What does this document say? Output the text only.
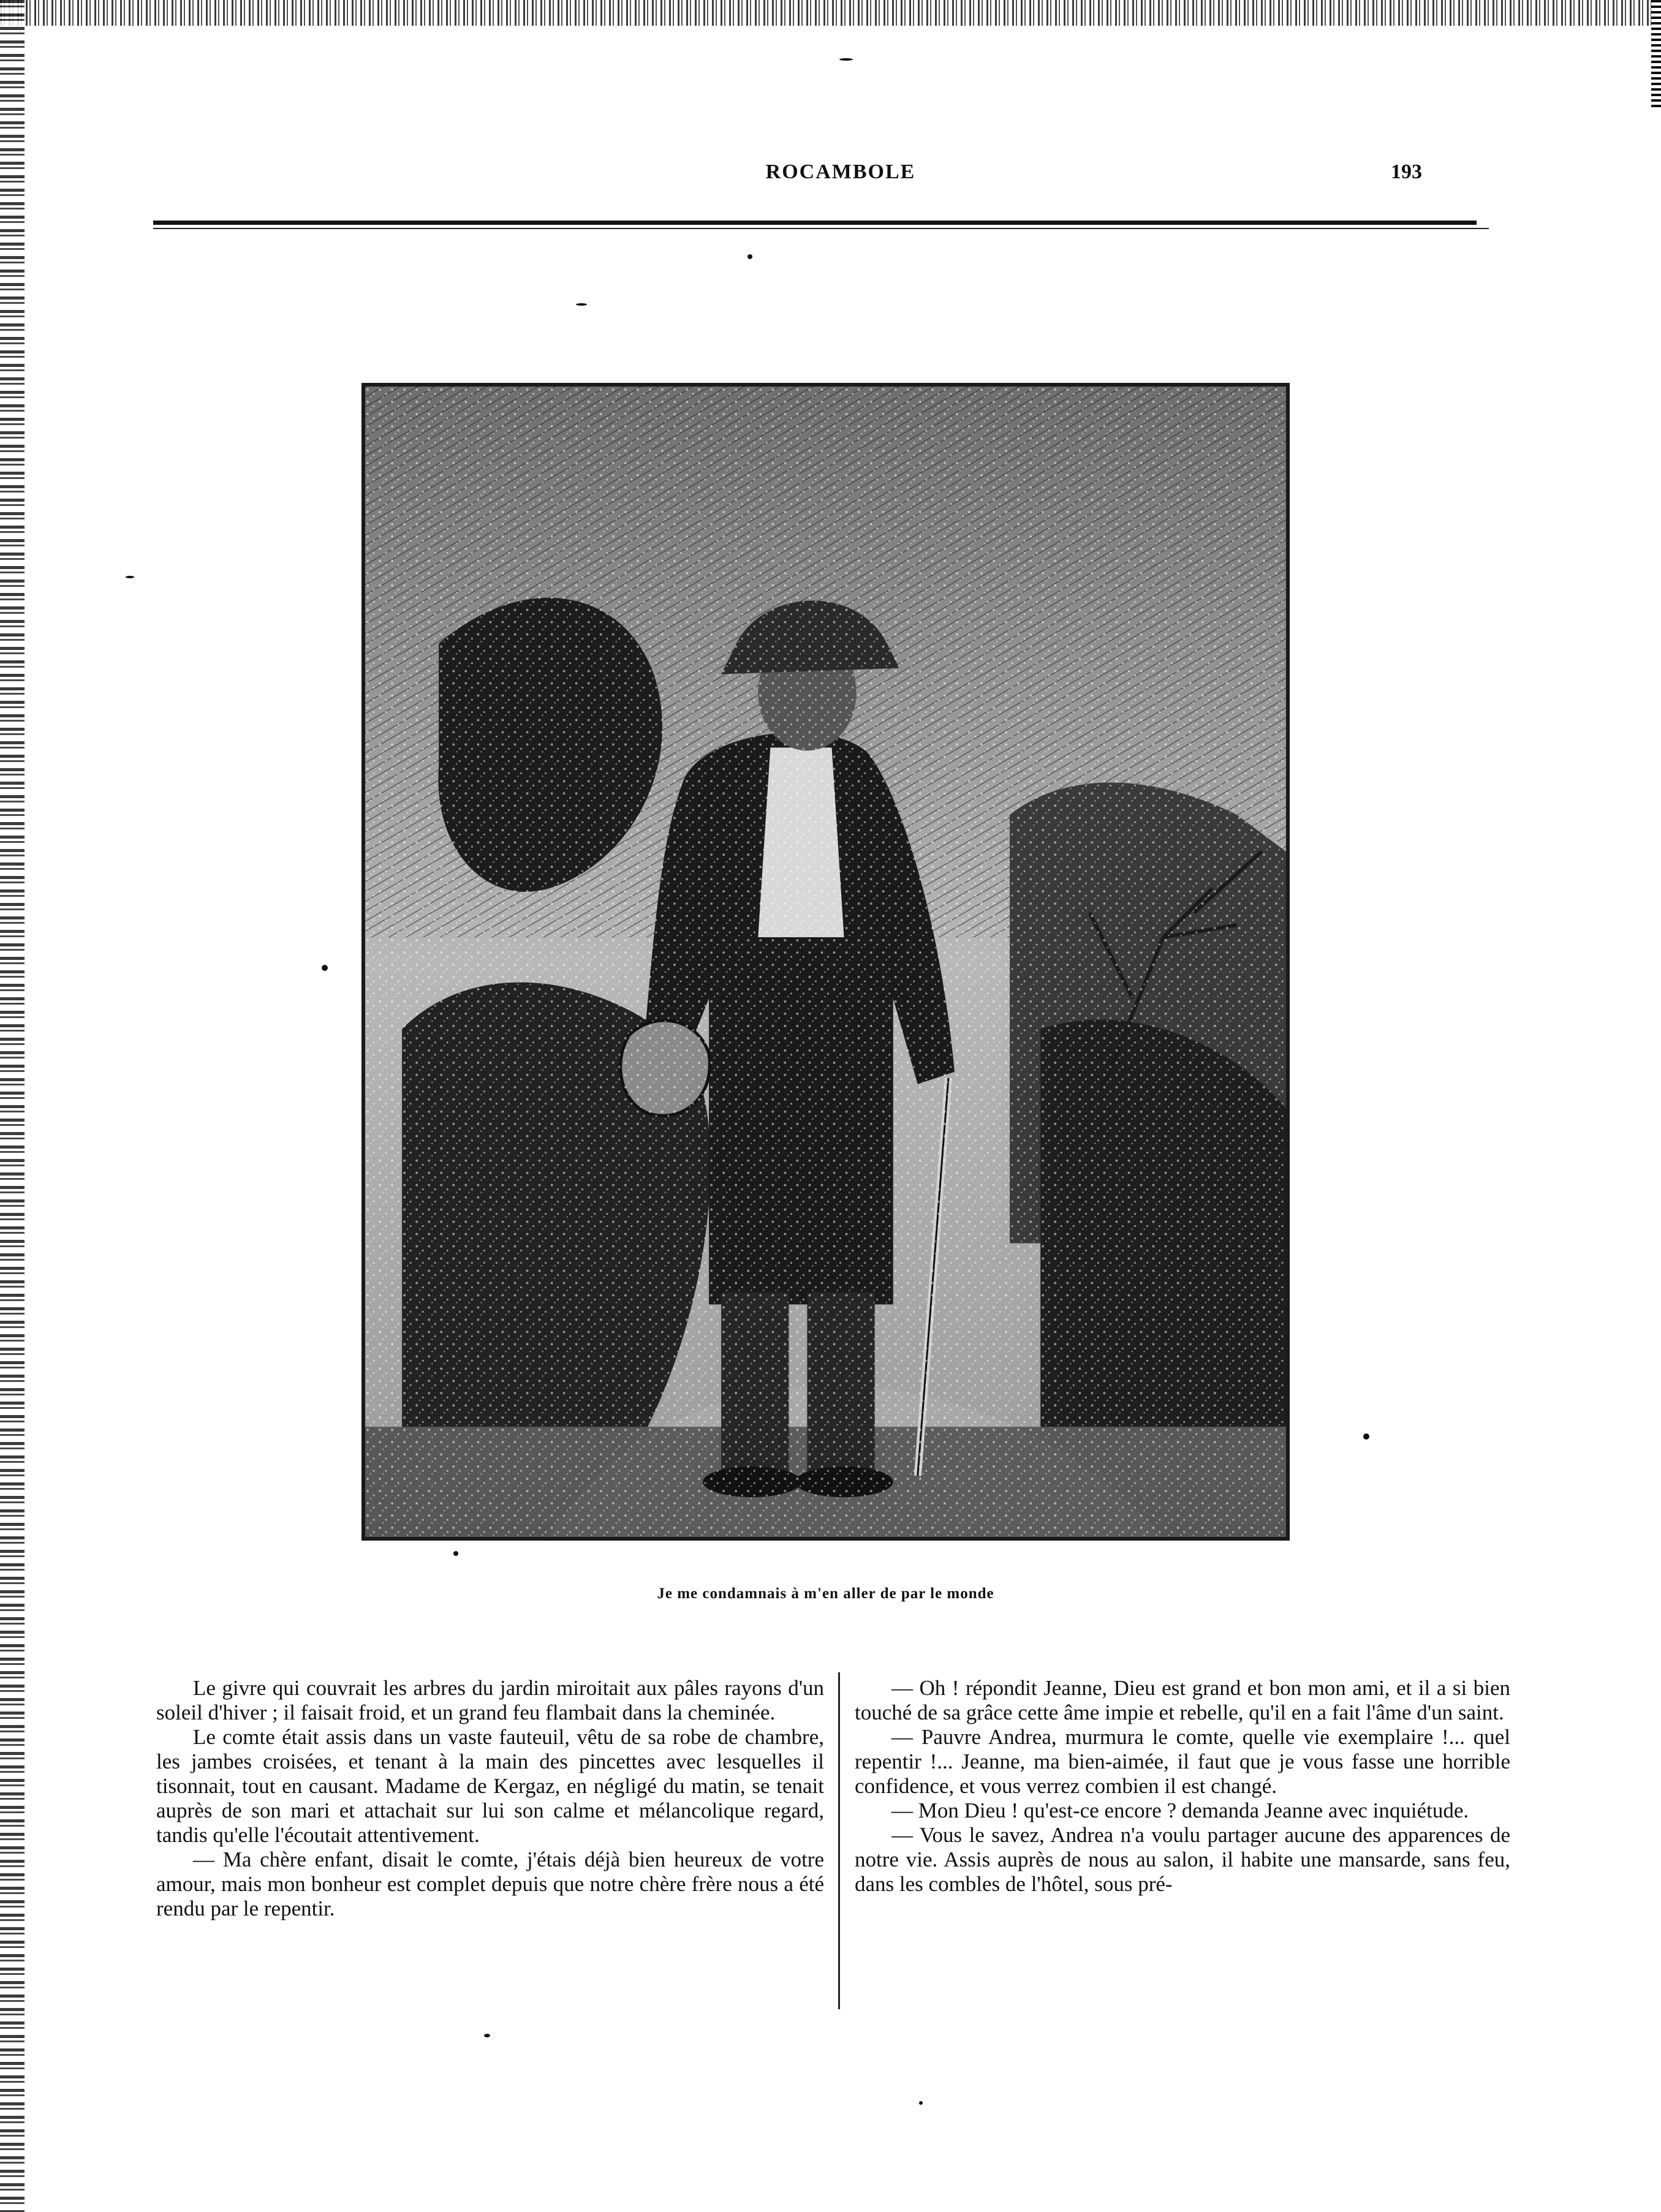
ROCAMBOLE	193
Je me condamnais à m'en aller de par le monde

Le givre qui couvrait les arbres du jardin miroitait aux pâles rayons d'un soleil d'hiver ; il faisait froid, et un grand feu flambait dans la cheminée.

Le comte était assis dans un vaste fauteuil, vêtu de sa robe de chambre, les jambes croisées, et tenant à la main des pincettes avec lesquelles il tisonnait, tout en causant. Madame de Kergaz, en négligé du matin, se tenait auprès de son mari et attachait sur lui son calme et mélancolique regard, tandis qu'elle l'écoutait attentivement.

— Ma chère enfant, disait le comte, j'étais déjà bien heureux de votre amour, mais mon bonheur est complet depuis que notre chère frère nous a été rendu par le repentir.

— Oh ! répondit Jeanne, Dieu est grand et bon mon ami, et il a si bien touché de sa grâce cette âme impie et rebelle, qu'il en a fait l'âme d'un saint.

— Pauvre Andrea, murmura le comte, quelle vie exemplaire !... quel repentir !... Jeanne, ma bien-aimée, il faut que je vous fasse une horrible confidence, et vous verrez combien il est changé.

— Mon Dieu ! qu'est-ce encore ? demanda Jeanne avec inquiétude.

— Vous le savez, Andrea n'a voulu partager aucune des apparences de notre vie. Assis auprès de nous au salon, il habite une mansarde, sans feu, dans les combles de l'hôtel, sous pré-
